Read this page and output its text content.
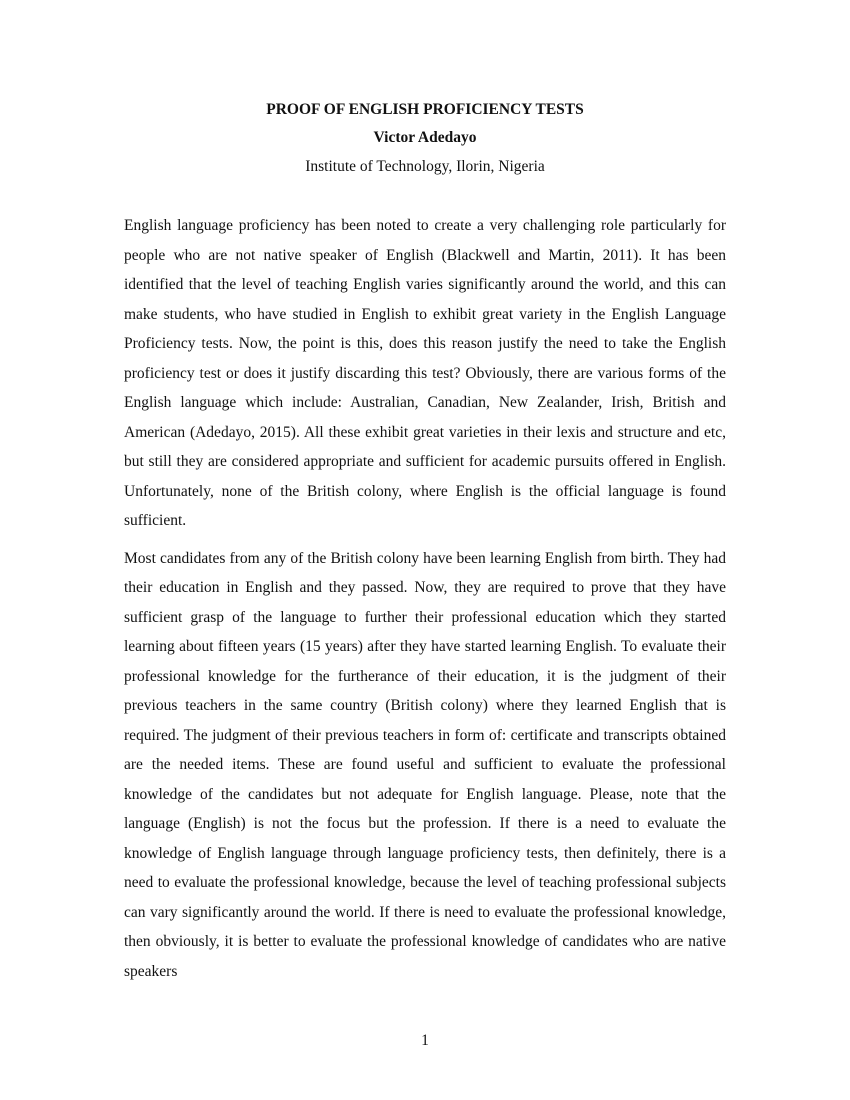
PROOF OF ENGLISH PROFICIENCY TESTS

Victor Adedayo

Institute of Technology, Ilorin, Nigeria

English language proficiency has been noted to create a very challenging role particularly for people who are not native speaker of English (Blackwell and Martin, 2011). It has been identified that the level of teaching English varies significantly around the world, and this can make students, who have studied in English to exhibit great variety in the English Language Proficiency tests. Now, the point is this, does this reason justify the need to take the English proficiency test or does it justify discarding this test? Obviously, there are various forms of the English language which include: Australian, Canadian, New Zealander, Irish, British and American (Adedayo, 2015). All these exhibit great varieties in their lexis and structure and etc, but still they are considered appropriate and sufficient for academic pursuits offered in English. Unfortunately, none of the British colony, where English is the official language is found sufficient.

Most candidates from any of the British colony have been learning English from birth. They had their education in English and they passed. Now, they are required to prove that they have sufficient grasp of the language to further their professional education which they started learning about fifteen years (15 years) after they have started learning English. To evaluate their professional knowledge for the furtherance of their education, it is the judgment of their previous teachers in the same country (British colony) where they learned English that is required. The judgment of their previous teachers in form of: certificate and transcripts obtained are the needed items. These are found useful and sufficient to evaluate the professional knowledge of the candidates but not adequate for English language. Please, note that the language (English) is not the focus but the profession. If there is a need to evaluate the knowledge of English language through language proficiency tests, then definitely, there is a need to evaluate the professional knowledge, because the level of teaching professional subjects can vary significantly around the world. If there is need to evaluate the professional knowledge, then obviously, it is better to evaluate the professional knowledge of candidates who are native speakers

1
